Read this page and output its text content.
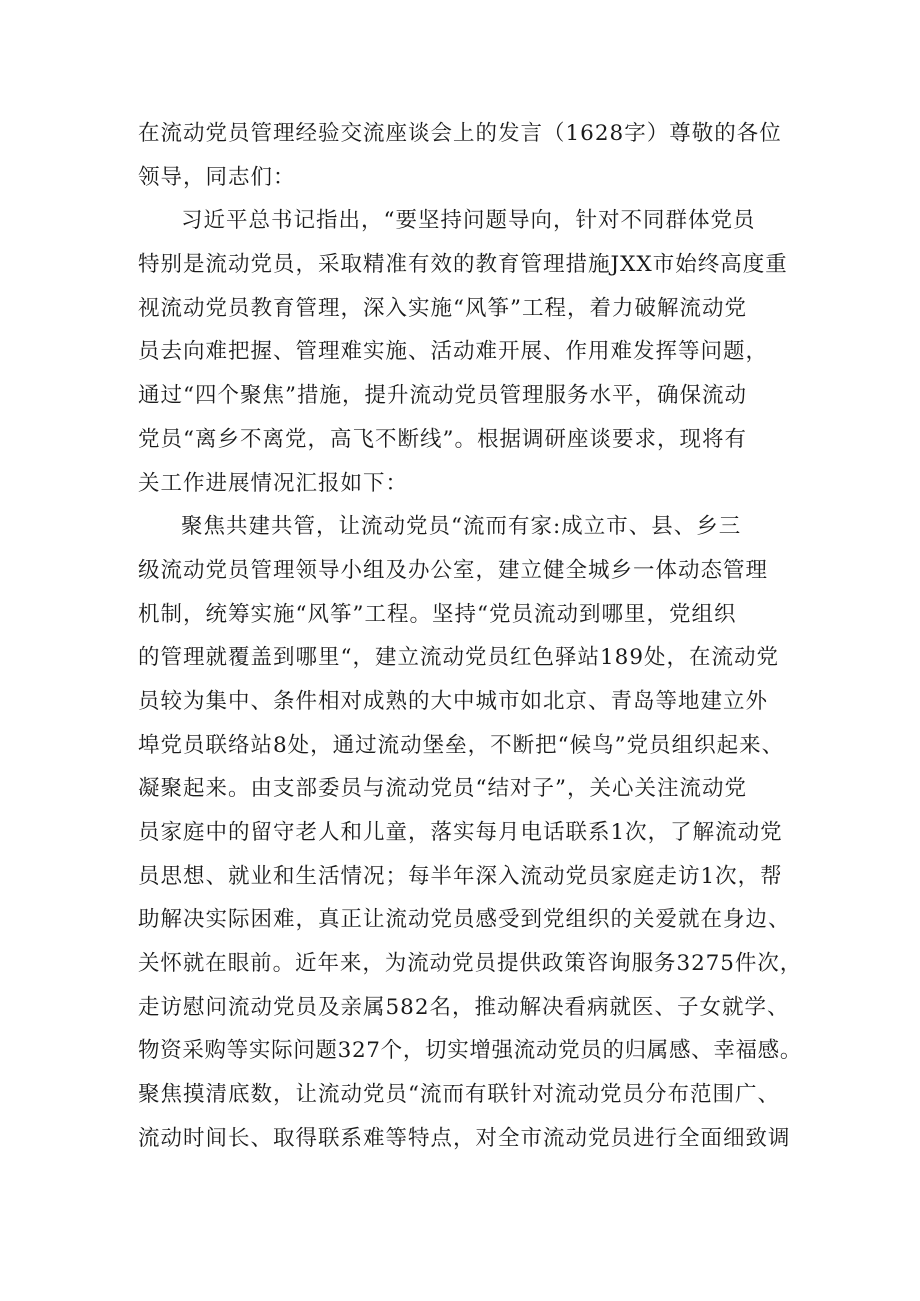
在流动党员管理经验交流座谈会上的发言（1628字）尊敬的各位
领导，同志们：
习近平总书记指出，“要坚持问题导向，针对不同群体党员
特别是流动党员，采取精准有效的教育管理措施JXX市始终高度重
视流动党员教育管理，深入实施“风筝”工程，着力破解流动党
员去向难把握、管理难实施、活动难开展、作用难发挥等问题，
通过“四个聚焦”措施，提升流动党员管理服务水平，确保流动
党员“离乡不离党，高飞不断线”。根据调研座谈要求，现将有
关工作进展情况汇报如下：
聚焦共建共管，让流动党员“流而有家:成立市、县、乡三
级流动党员管理领导小组及办公室，建立健全城乡一体动态管理
机制，统筹实施“风筝”工程。坚持“党员流动到哪里，党组织
的管理就覆盖到哪里“，建立流动党员红色驿站189处，在流动党
员较为集中、条件相对成熟的大中城市如北京、青岛等地建立外
埠党员联络站8处，通过流动堡垒，不断把“候鸟”党员组织起来、
凝聚起来。由支部委员与流动党员“结对子”，关心关注流动党
员家庭中的留守老人和儿童，落实每月电话联系1次，了解流动党
员思想、就业和生活情况；每半年深入流动党员家庭走访1次，帮
助解决实际困难，真正让流动党员感受到党组织的关爱就在身边、
关怀就在眼前。近年来，为流动党员提供政策咨询服务3275件次，
走访慰问流动党员及亲属582名，推动解决看病就医、子女就学、
物资采购等实际问题327个，切实增强流动党员的归属感、幸福感。
聚焦摸清底数，让流动党员“流而有联针对流动党员分布范围广、
流动时间长、取得联系难等特点，对全市流动党员进行全面细致调
